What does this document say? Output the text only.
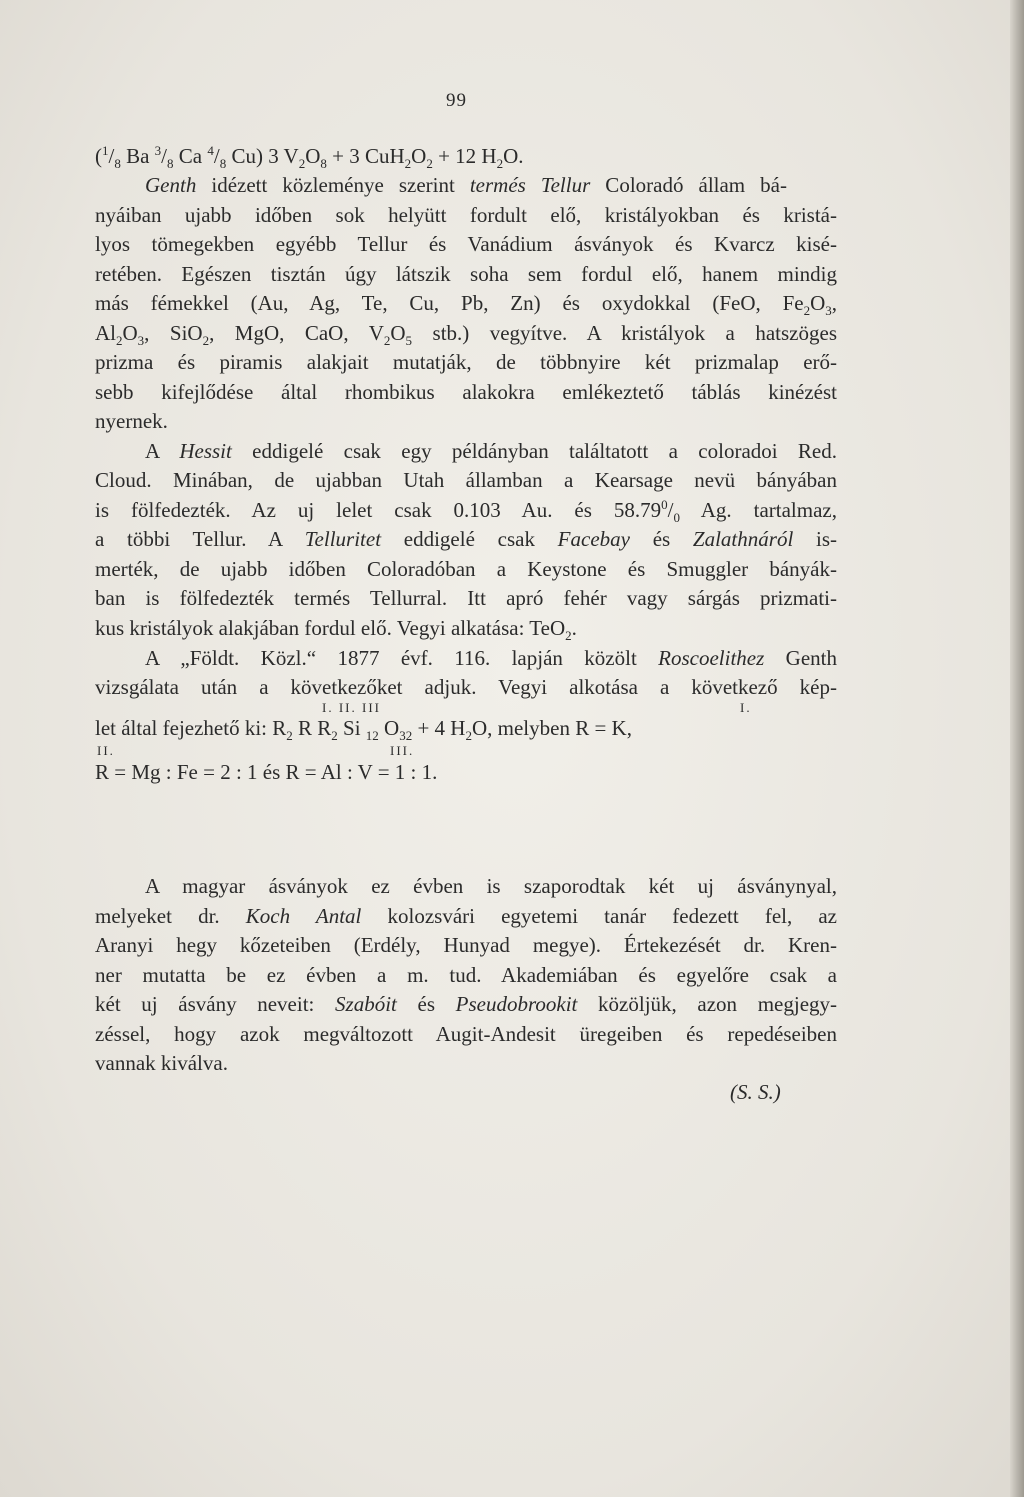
99
($^1/_8$ Ba $^3/_8$ Ca $^4/_8$ Cu) 3 $V_2O_8 + 3$ $CuH_2O_2 + 12$ $H_2O$.
Genth idézett közleménye szerint termés Tellur Coloradó állam bá-
nyáiban ujabb időben sok helyütt fordult elő, kristályokban és kristá-
lyos tömegekben egyébb Tellur és Vanádium ásványok és Kvarcz kisé-
retében. Egészen tisztán úgy látszik soha sem fordul elő, hanem mindig
más fémekkel (Au, Ag, Te, Cu, Pb, Zn) és oxydokkal (FeO, $Fe_2O_3$,
$Al_2O_3$, SiO$_2$, MgO, CaO, $V_2O_5$ stb.) vegyítve. A kristályok a hatszöges
prizma és piramis alakjait mutatják, de többnyire két prizmalap erő-
sebb kifejlődése által rhombikus alakokra emlékeztető táblás kinézést
nyernek.
A Hessit eddigelé csak egy példányban találtatott a coloradoi Red.
Cloud. Minában, de ujabban Utah államban a Kearsage nevü bányában
is fölfedezték. Az uj lelet csak 0.103 Au. és $58.79^0/_0$ Ag. tartalmaz,
a többi Tellur. A Telluritet eddigelé csak Facebay és Zalathnáról is-
merték, de ujabb időben Coloradóban a Keystone és Smuggler bányák-
ban is fölfedezték termés Tellurral. Itt apró fehér vagy sárgás prizmati-
kus kristályok alakjában fordul elő. Vegyi alkatása: TeO$_2$.
A „Földt. Közl.“ 1877 évf. 116. lapján közölt Roscoelithez Genth
vizsgálata után a következőket adjuk. Vegyi alkotása a következő kép-
I. II. III	I.
let által fejezhető ki: $R_2$ R $R_2$ Si $_{12}$ $O_{32} + 4$ $H_2O$, melyben R = K,
II.	III.
R = Mg : Fe = 2 : 1 és R = Al : V = 1 : 1.
A magyar ásványok ez évben is szaporodtak két uj ásványnyal,
melyeket dr. Koch Antal kolozsvári egyetemi tanár fedezett fel, az
Aranyi hegy kőzeteiben (Erdély, Hunyad megye). Értekezését dr. Kren-
ner mutatta be ez évben a m. tud. Akademiában és egyelőre csak a
két uj ásvány neveit: Szabóit és Pseudobrookit közöljük, azon megjegy-
zéssel, hogy azok megváltozott Augit-Andesit üregeiben és repedéseiben
vannak kiválva.
(S. S.)
